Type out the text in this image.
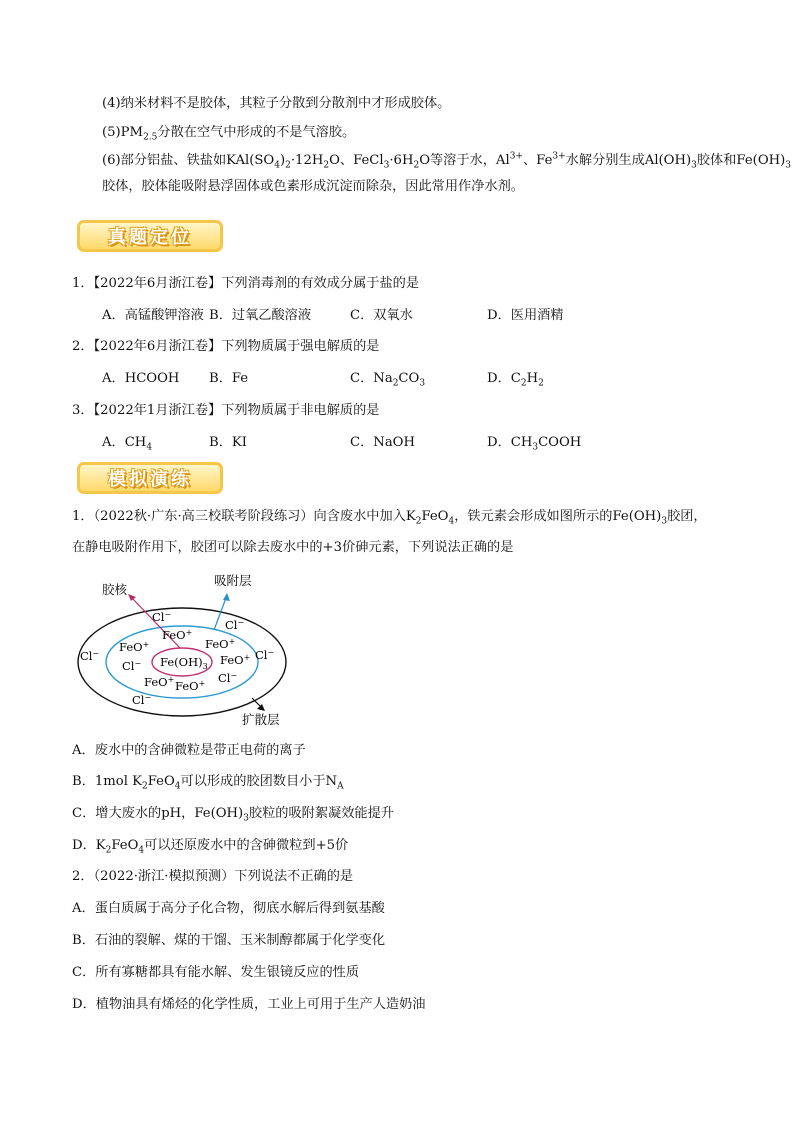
(4)纳米材料不是胶体，其粒子分散到分散剂中才形成胶体。
$(5)PM_{2.5}$分散在空气中形成的不是气溶胶。
(6)部分铝盐、铁盐如$KAl(SO_4)_2\cdot 12H_2O$、$FeCl_3\cdot 6H_2O$等溶于水，$Al^{3+}$、$Fe^{3+}$水解分别生成$Al(OH)_3$胶体和$Fe(OH)_3$
胶体，胶体能吸附悬浮固体或色素形成沉淀而除杂，因此常用作净水剂。
真题定位
1．【2022年6月浙江卷】下列消毒剂的有效成分属于盐的是
A．高锰酸钾溶液 B．过氧乙酸溶液	C．双氧水	D．医用酒精
2．【2022年6月浙江卷】下列物质属于强电解质的是
A．HCOOH B．Fe	C．$Na_2CO_3$	D．$C_2H_2$
3．【2022年1月浙江卷】下列物质属于非电解质的是
A．$CH_4$	B．KI	C．NaOH	D．$CH_3COOH$
模拟演练
1．（2022秋·广东·高三校联考阶段练习）向含废水中加入$K_2FeO_4$，铁元素会形成如图所示的$Fe(OH)_3$胶团，
在静电吸附作用下，胶团可以除去废水中的+3价砷元素，下列说法正确的是
胶核
吸附层
扩散层
$Fe(OH)_3$
FeO+
FeO+	FeO+
FeO+
FeO+ FeO+
Cl−
Cl−
Cl−
Cl−
Cl−
Cl−
Cl−
A．废水中的含砷微粒是带正电荷的离子
B．1mol $K_2FeO_4$可以形成的胶团数目小于$N_A$
C．增大废水的pH，$Fe(OH)_3$胶粒的吸附絮凝效能提升
D．$K_2FeO_4$可以还原废水中的含砷微粒到+5价
2．（2022·浙江·模拟预测）下列说法不正确的是
A．蛋白质属于高分子化合物，彻底水解后得到氨基酸
B．石油的裂解、煤的干馏、玉米制醇都属于化学变化
C．所有寡糖都具有能水解、发生银镜反应的性质
D．植物油具有烯烃的化学性质，工业上可用于生产人造奶油
